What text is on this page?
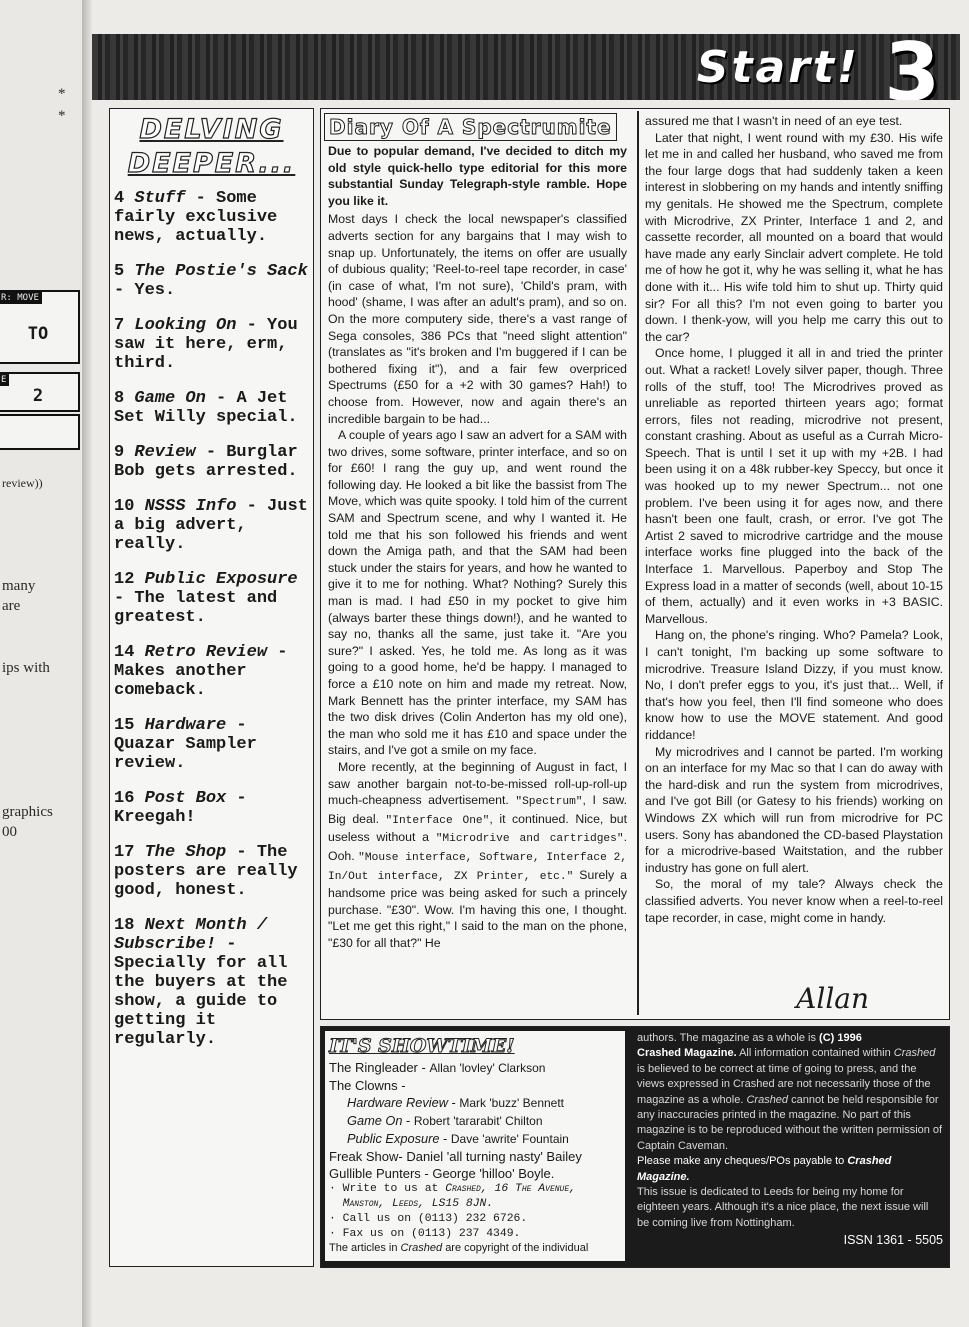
*
*
R: MOVE
TO
E
2
review))
many
are
ips with
graphics
00
Start! 3
DELVING
DEEPER...
4 Stuff - Some fairly exclusive news, actually.
5 The Postie's Sack - Yes.
7 Looking On - You saw it here, erm, third.
8 Game On - A Jet Set Willy special.
9 Review - Burglar Bob gets arrested.
10 NSSS Info - Just a big advert, really.
12 Public Exposure - The latest and greatest.
14 Retro Review - Makes another comeback.
15 Hardware - Quazar Sampler review.
16 Post Box - Kreegah!
17 The Shop - The posters are really good, honest.
18 Next Month / Subscribe! - Specially for all the buyers at the show, a guide to getting it regularly.
Diary Of A Spectrumite

Due to popular demand, I've decided to ditch my old style quick-hello type editorial for this more substantial Sunday Telegraph-style ramble. Hope you like it.

Most days I check the local newspaper's classified adverts section for any bargains that I may wish to snap up. Unfortunately, the items on offer are usually of dubious quality; 'Reel-to-reel tape recorder, in case' (in case of what, I'm not sure), 'Child's pram, with hood' (shame, I was after an adult's pram), and so on. On the more computery side, there's a vast range of Sega consoles, 386 PCs that "need slight attention" (translates as "it's broken and I'm buggered if I can be bothered fixing it"), and a fair few overpriced Spectrums (£50 for a +2 with 30 games? Hah!) to choose from. However, now and again there's an incredible bargain to be had...

A couple of years ago I saw an advert for a SAM with two drives, some software, printer interface, and so on for £60! I rang the guy up, and went round the following day. He looked a bit like the bassist from The Move, which was quite spooky. I told him of the current SAM and Spectrum scene, and why I wanted it. He told me that his son followed his friends and went down the Amiga path, and that the SAM had been stuck under the stairs for years, and how he wanted to give it to me for nothing. What? Nothing? Surely this man is mad. I had £50 in my pocket to give him (always barter these things down!), and he wanted to say no, thanks all the same, just take it. "Are you sure?" I asked. Yes, he told me. As long as it was going to a good home, he'd be happy. I managed to force a £10 note on him and made my retreat. Now, Mark Bennett has the printer interface, my SAM has the two disk drives (Colin Anderton has my old one), the man who sold me it has £10 and space under the stairs, and I've got a smile on my face.

More recently, at the beginning of August in fact, I saw another bargain not-to-be-missed roll-up-roll-up much-cheapness advertisement. "Spectrum", I saw. Big deal. "Interface One", it continued. Nice, but useless without a "Microdrive and cartridges". Ooh. "Mouse interface, Software, Interface 2, In/Out interface, ZX Printer, etc." Surely a handsome price was being asked for such a princely purchase. "£30". Wow. I'm having this one, I thought. "Let me get this right," I said to the man on the phone, "£30 for all that?" He

assured me that I wasn't in need of an eye test.

Later that night, I went round with my £30. His wife let me in and called her husband, who saved me from the four large dogs that had suddenly taken a keen interest in slobbering on my hands and intently sniffing my genitals. He showed me the Spectrum, complete with Microdrive, ZX Printer, Interface 1 and 2, and cassette recorder, all mounted on a board that would have made any early Sinclair advert complete. He told me of how he got it, why he was selling it, what he has done with it... His wife told him to shut up. Thirty quid sir? For all this? I'm not even going to barter you down. I thenk-yow, will you help me carry this out to the car?

Once home, I plugged it all in and tried the printer out. What a racket! Lovely silver paper, though. Three rolls of the stuff, too! The Microdrives proved as unreliable as reported thirteen years ago; format errors, files not reading, microdrive not present, constant crashing. About as useful as a Currah Micro-Speech. That is until I set it up with my +2B. I had been using it on a 48k rubber-key Speccy, but once it was hooked up to my newer Spectrum... not one problem. I've been using it for ages now, and there hasn't been one fault, crash, or error. I've got The Artist 2 saved to microdrive cartridge and the mouse interface works fine plugged into the back of the Interface 1. Marvellous. Paperboy and Stop The Express load in a matter of seconds (well, about 10-15 of them, actually) and it even works in +3 BASIC. Marvellous.

Hang on, the phone's ringing. Who? Pamela? Look, I can't tonight, I'm backing up some software to microdrive. Treasure Island Dizzy, if you must know. No, I don't prefer eggs to you, it's just that... Well, if that's how you feel, then I'll find someone who does know how to use the MOVE statement. And good riddance!

My microdrives and I cannot be parted. I'm working on an interface for my Mac so that I can do away with the hard-disk and run the system from microdrives, and I've got Bill (or Gatesy to his friends) working on Windows ZX which will run from microdrive for PC users. Sony has abandoned the CD-based Playstation for a microdrive-based Waitstation, and the rubber industry has gone on full alert.

So, the moral of my tale? Always check the classified adverts. You never know when a reel-to-reel tape recorder, in case, might come in handy.

Allan
IT'S SHOWTIME!
The Ringleader - Allan 'lovley' Clarkson
The Clowns -
Hardware Review - Mark 'buzz' Bennett
Game On - Robert 'tararabit' Chilton
Public Exposure - Dave 'awrite' Fountain
Freak Show- Daniel 'all turning nasty' Bailey
Gullible Punters - George 'hilloo' Boyle.
· Write to us at Crashed, 16 The Avenue,
Manston, Leeds, LS15 8JN.
· Call us on (0113) 232 6726.
· Fax us on (0113) 237 4349.
The articles in Crashed are copyright of the individual

authors. The magazine as a whole is (C) 1996
Crashed Magazine. All information contained within Crashed is believed to be correct at time of going to press, and the views expressed in Crashed are not necessarily those of the magazine as a whole. Crashed cannot be held responsible for any inaccuracies printed in the magazine. No part of this magazine is to be reproduced without the written permission of Captain Caveman.

Please make any cheques/POs payable to Crashed Magazine.

This issue is dedicated to Leeds for being my home for eighteen years. Although it's a nice place, the next issue will be coming live from Nottingham.

ISSN 1361 - 5505
